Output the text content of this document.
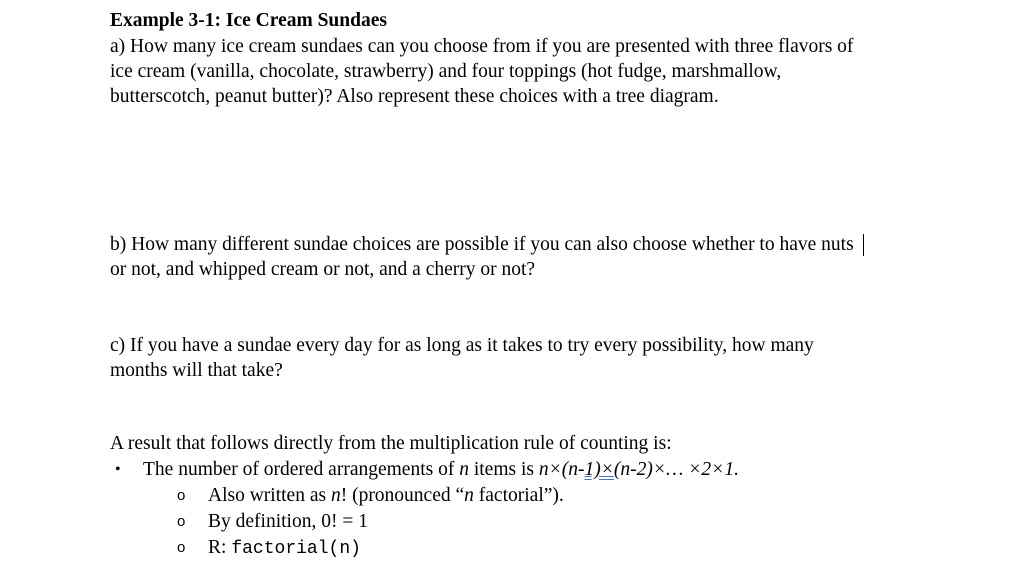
Example 3-1: Ice Cream Sundaes
a) How many ice cream sundaes can you choose from if you are presented with three flavors of
ice cream (vanilla, chocolate, strawberry) and four toppings (hot fudge, marshmallow,
butterscotch, peanut butter)? Also represent these choices with a tree diagram.
b) How many different sundae choices are possible if you can also choose whether to have nuts
or not, and whipped cream or not, and a cherry or not?
c) If you have a sundae every day for as long as it takes to try every possibility, how many
months will that take?
A result that follows directly from the multiplication rule of counting is:
• The number of ordered arrangements of n items is n×(n-1)×(n-2)×… ×2×1.
o Also written as n! (pronounced “n factorial”).
o By definition, 0! = 1
o R: factorial(n)
